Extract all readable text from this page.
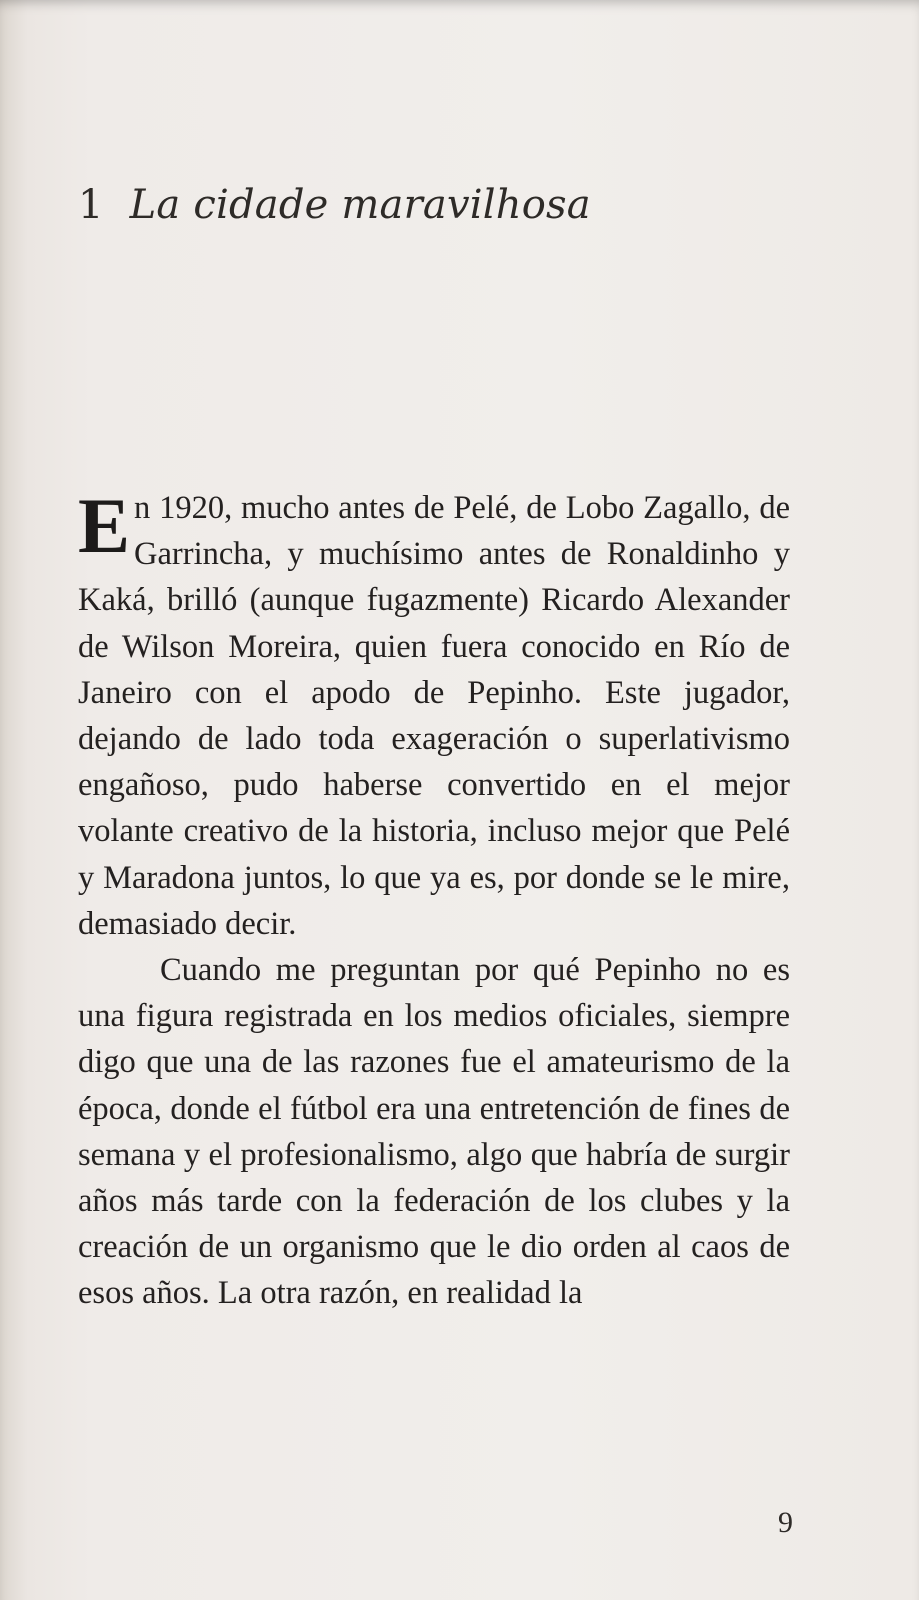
1 La cidade maravilhosa

En 1920, mucho antes de Pelé, de Lobo Zagallo, de Garrincha, y muchísimo antes de Ronaldinho y Kaká, brilló (aunque fugazmente) Ricardo Alexander de Wilson Moreira, quien fuera conocido en Río de Janeiro con el apodo de Pepinho. Este jugador, dejando de lado toda exageración o superlativismo engañoso, pudo haberse convertido en el mejor volante creativo de la historia, incluso mejor que Pelé y Maradona juntos, lo que ya es, por donde se le mire, demasiado decir.

Cuando me preguntan por qué Pepinho no es una figura registrada en los medios oficiales, siempre digo que una de las razones fue el amateurismo de la época, donde el fútbol era una entretención de fines de semana y el profesionalismo, algo que habría de surgir años más tarde con la federación de los clubes y la creación de un organismo que le dio orden al caos de esos años. La otra razón, en realidad la

9
